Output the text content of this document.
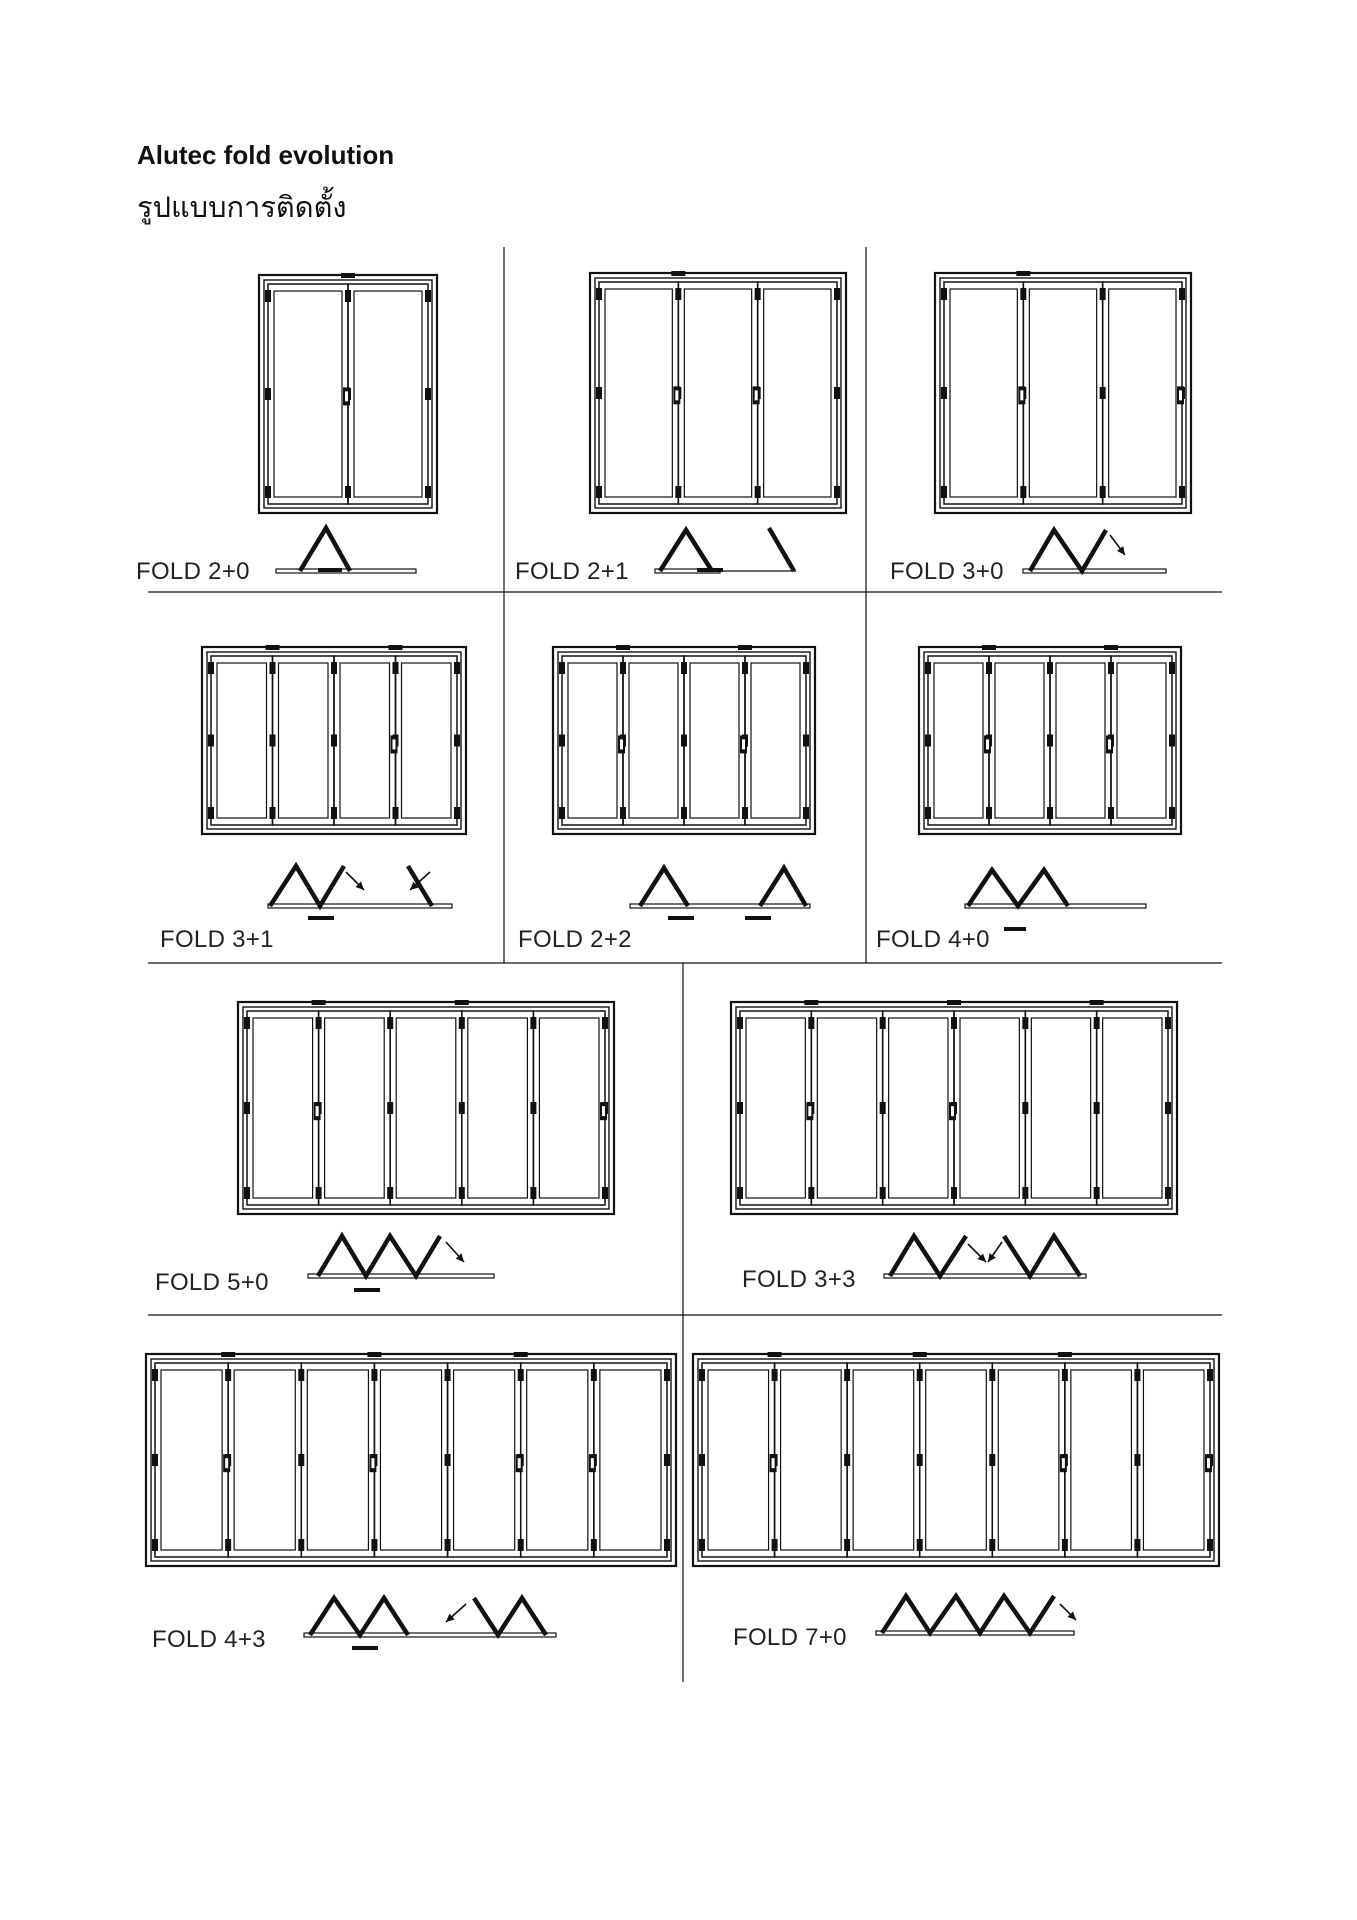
Alutec fold evolution
รูปแบบการติดตั้ง
FOLD 2+0	FOLD 2+1	FOLD 3+0
FOLD 3+1	FOLD 2+2	FOLD 4+0
FOLD 5+0	FOLD 3+3
FOLD 4+3	FOLD 7+0
